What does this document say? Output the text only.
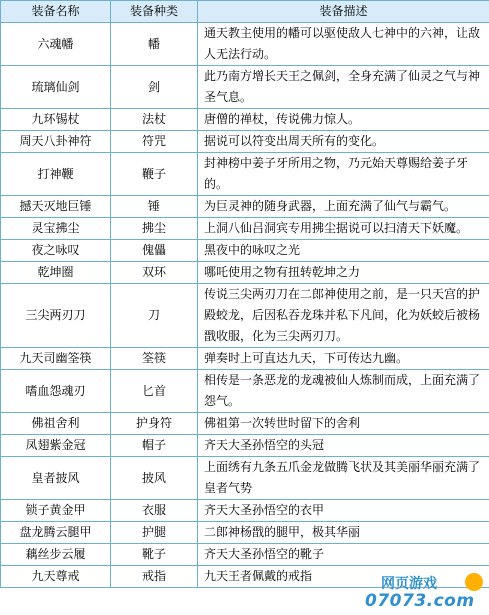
装备名称	装备种类	装备描述
六魂幡	幡	通天教主使用的幡可以驱使敌人七神中的六神，让敌人无法行动。
琉璃仙剑	剑	此乃南方增长天王之佩剑，全身充满了仙灵之气与神圣气息。
九环锡杖	法杖	唐僧的禅杖，传说佛力惊人。
周天八卦神符	符咒	据说可以符变出周天所有的变化。
打神鞭	鞭子	封神榜中姜子牙所用之物，乃元始天尊赐给姜子牙的。
撼天灭地巨锤	锤	为巨灵神的随身武器，上面充满了仙气与霸气。
灵宝拂尘	拂尘	上洞八仙吕洞宾专用拂尘据说可以扫清天下妖魔。
夜之咏叹	傀儡	黑夜中的咏叹之光
乾坤圈	双环	哪吒使用之物有扭转乾坤之力
三尖两刃刀	刀	传说三尖两刃刀在二郎神使用之前，是一只天宫的护殿蛟龙，后因私吞龙珠并私下凡间，化为妖蛟后被杨戬收服，化为三尖两刃刀。
九天司幽筌筷	筌筷	弹奏时上可直达九天，下可传达九幽。
嗜血怨魂刃	匕首	相传是一条恶龙的龙魂被仙人炼制而成，上面充满了怨气。
佛祖舍利	护身符	佛祖第一次转世时留下的舍利
凤翅紫金冠	帽子	齐天大圣孙悟空的头冠
皇者披风	披风	上面绣有九条五爪金龙做腾飞状及其美丽华丽充满了皇者气势
锁子黄金甲	衣服	齐天大圣孙悟空的衣甲
盘龙腾云腿甲	护腿	二郎神杨戬的腿甲，极其华丽
藕丝步云履	靴子	齐天大圣孙悟空的靴子
九天尊戒	戒指	九天王者佩戴的戒指	网页游戏
07073.com
